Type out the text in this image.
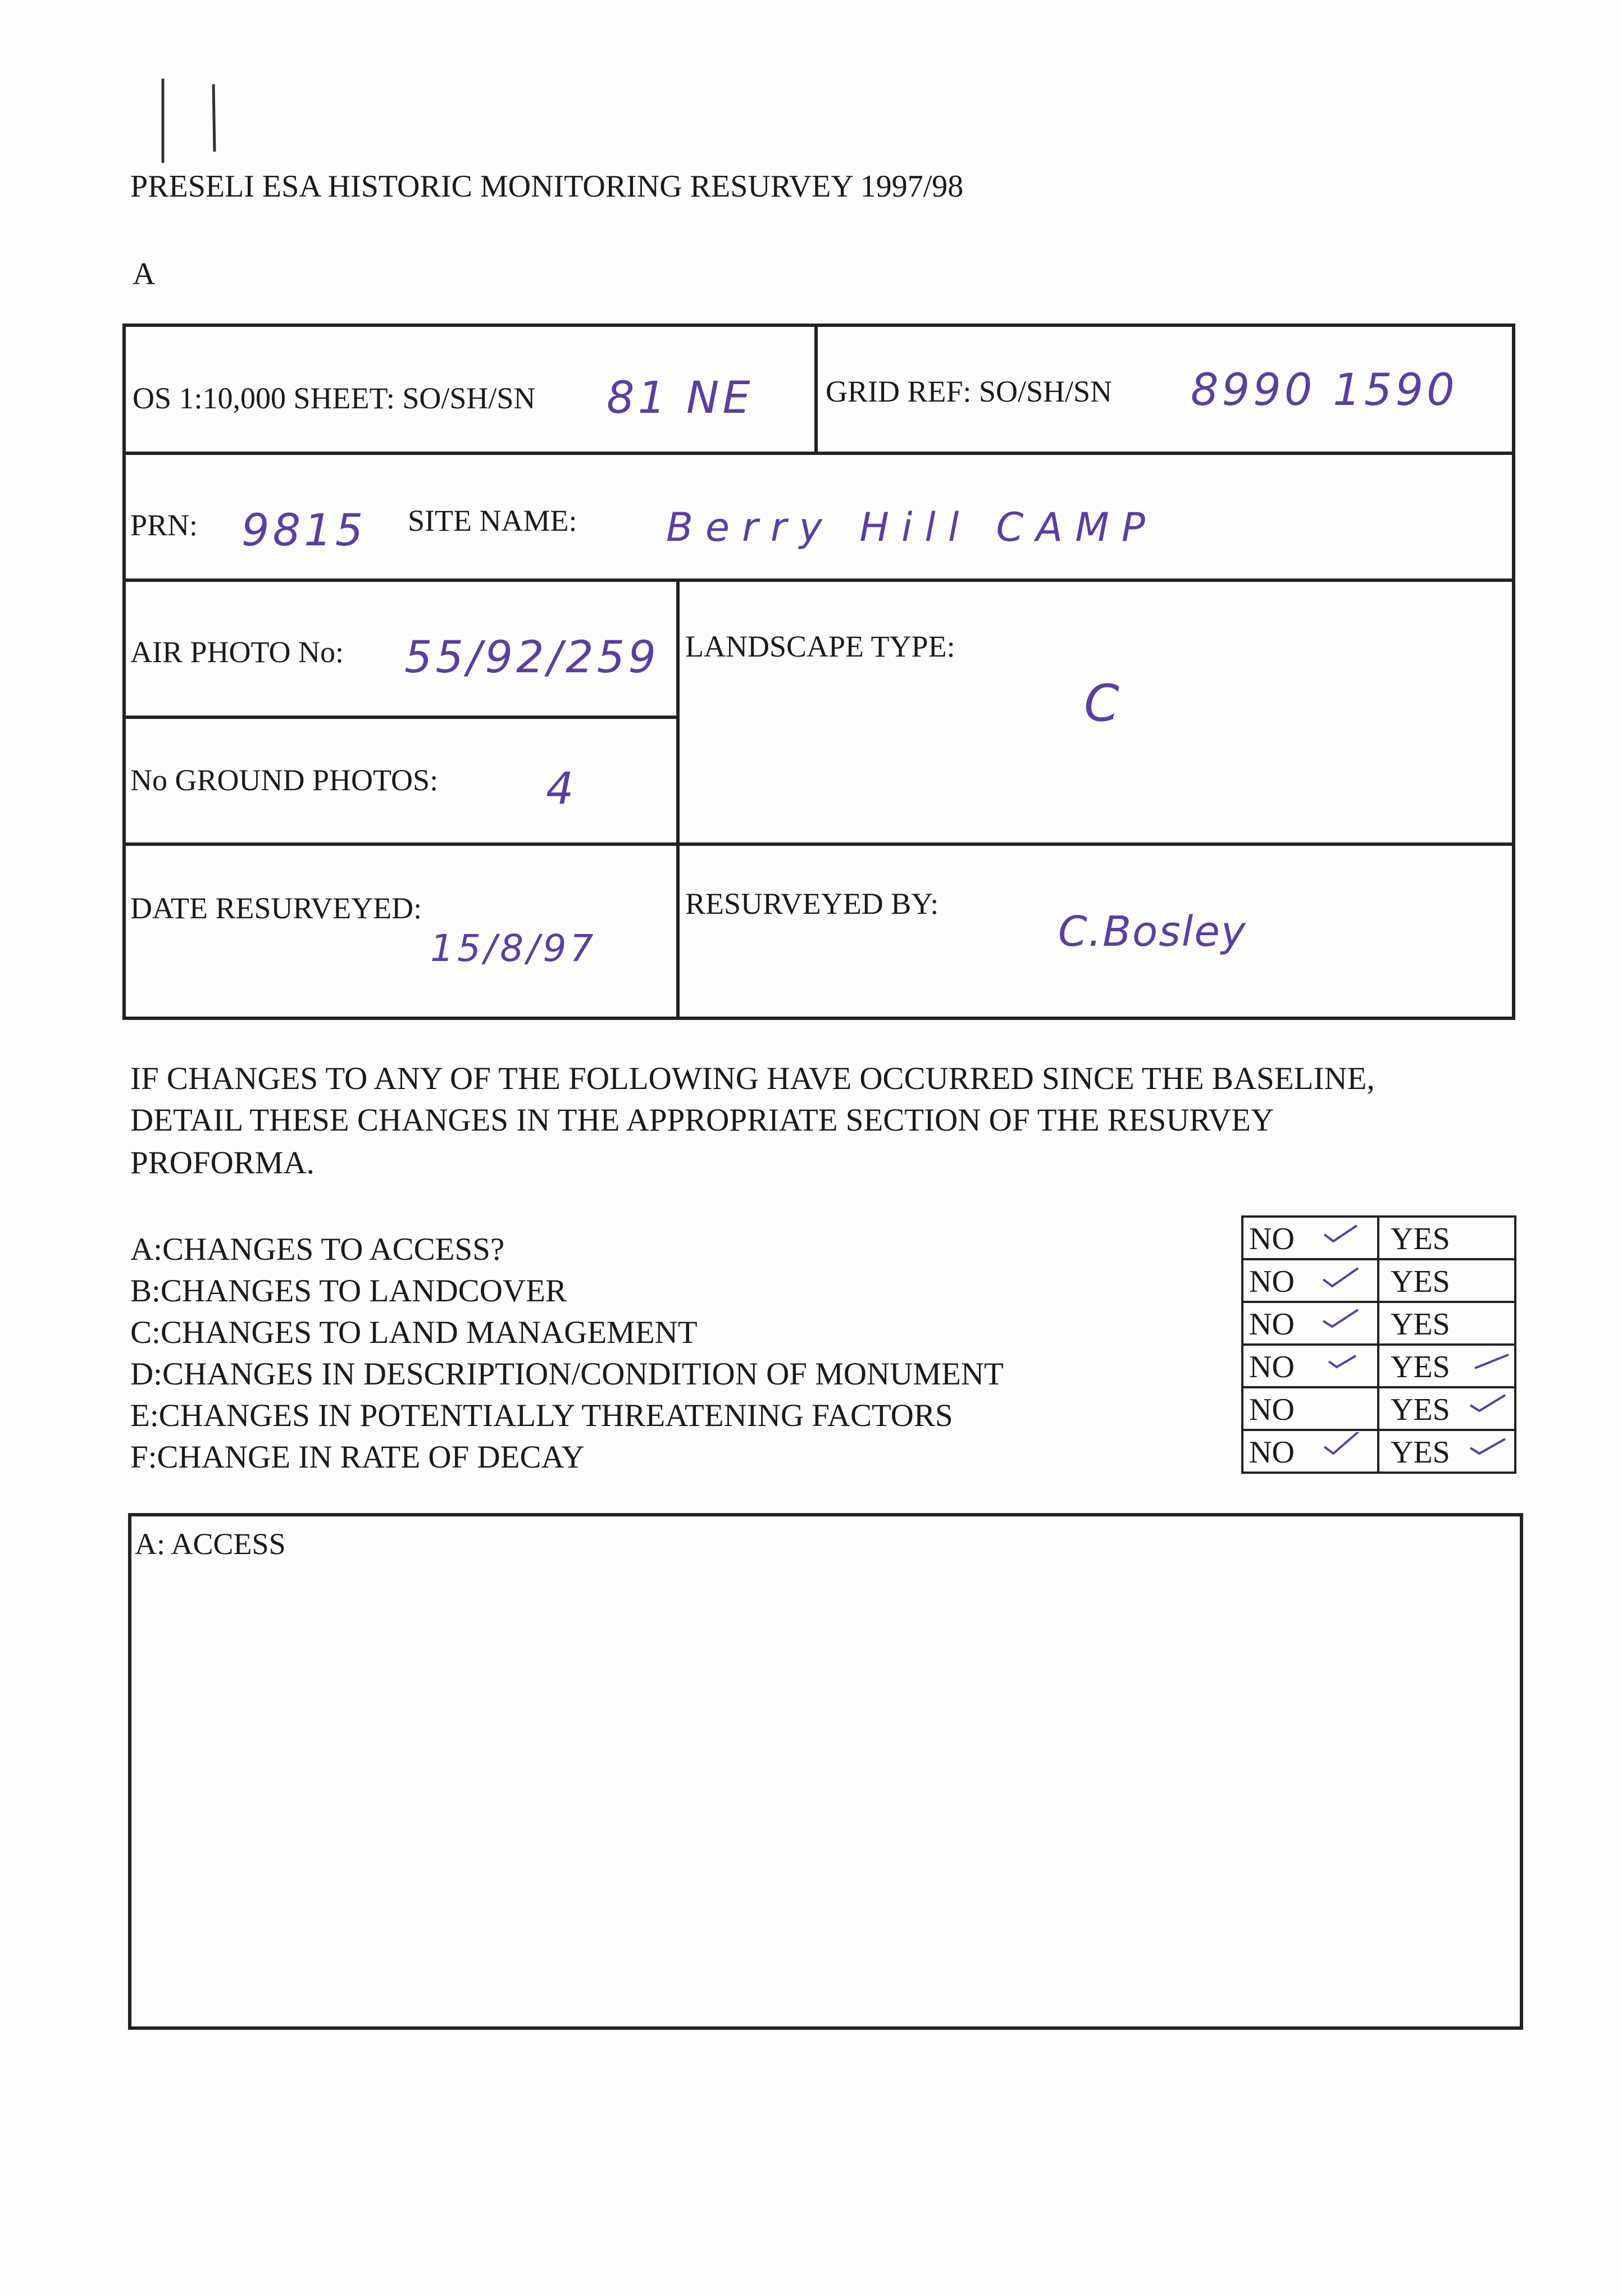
PRESELI ESA HISTORIC MONITORING RESURVEY 1997/98
A
OS 1:10,000 SHEET: SO/SH/SN 81 NE GRID REF: SO/SH/SN 8990 1590
PRN: 9815 SITE NAME: Berry Hill CAMP
AIR PHOTO No: 55/92/259 LANDSCAPE TYPE:
C
No GROUND PHOTOS: 4
DATE RESURVEYED:
15/8/97
RESURVEYED BY:
C.Bosley
IF CHANGES TO ANY OF THE FOLLOWING HAVE OCCURRED SINCE THE BASELINE,
DETAIL THESE CHANGES IN THE APPROPRIATE SECTION OF THE RESURVEY
PROFORMA.
A:CHANGES TO ACCESS?
B:CHANGES TO LANDCOVER
C:CHANGES TO LAND MANAGEMENT
D:CHANGES IN DESCRIPTION/CONDITION OF MONUMENT
E:CHANGES IN POTENTIALLY THREATENING FACTORS
F:CHANGE IN RATE OF DECAY
NO	YES
NO	YES
NO	YES
NO	YES
NO	YES
NO	YES
A: ACCESS
